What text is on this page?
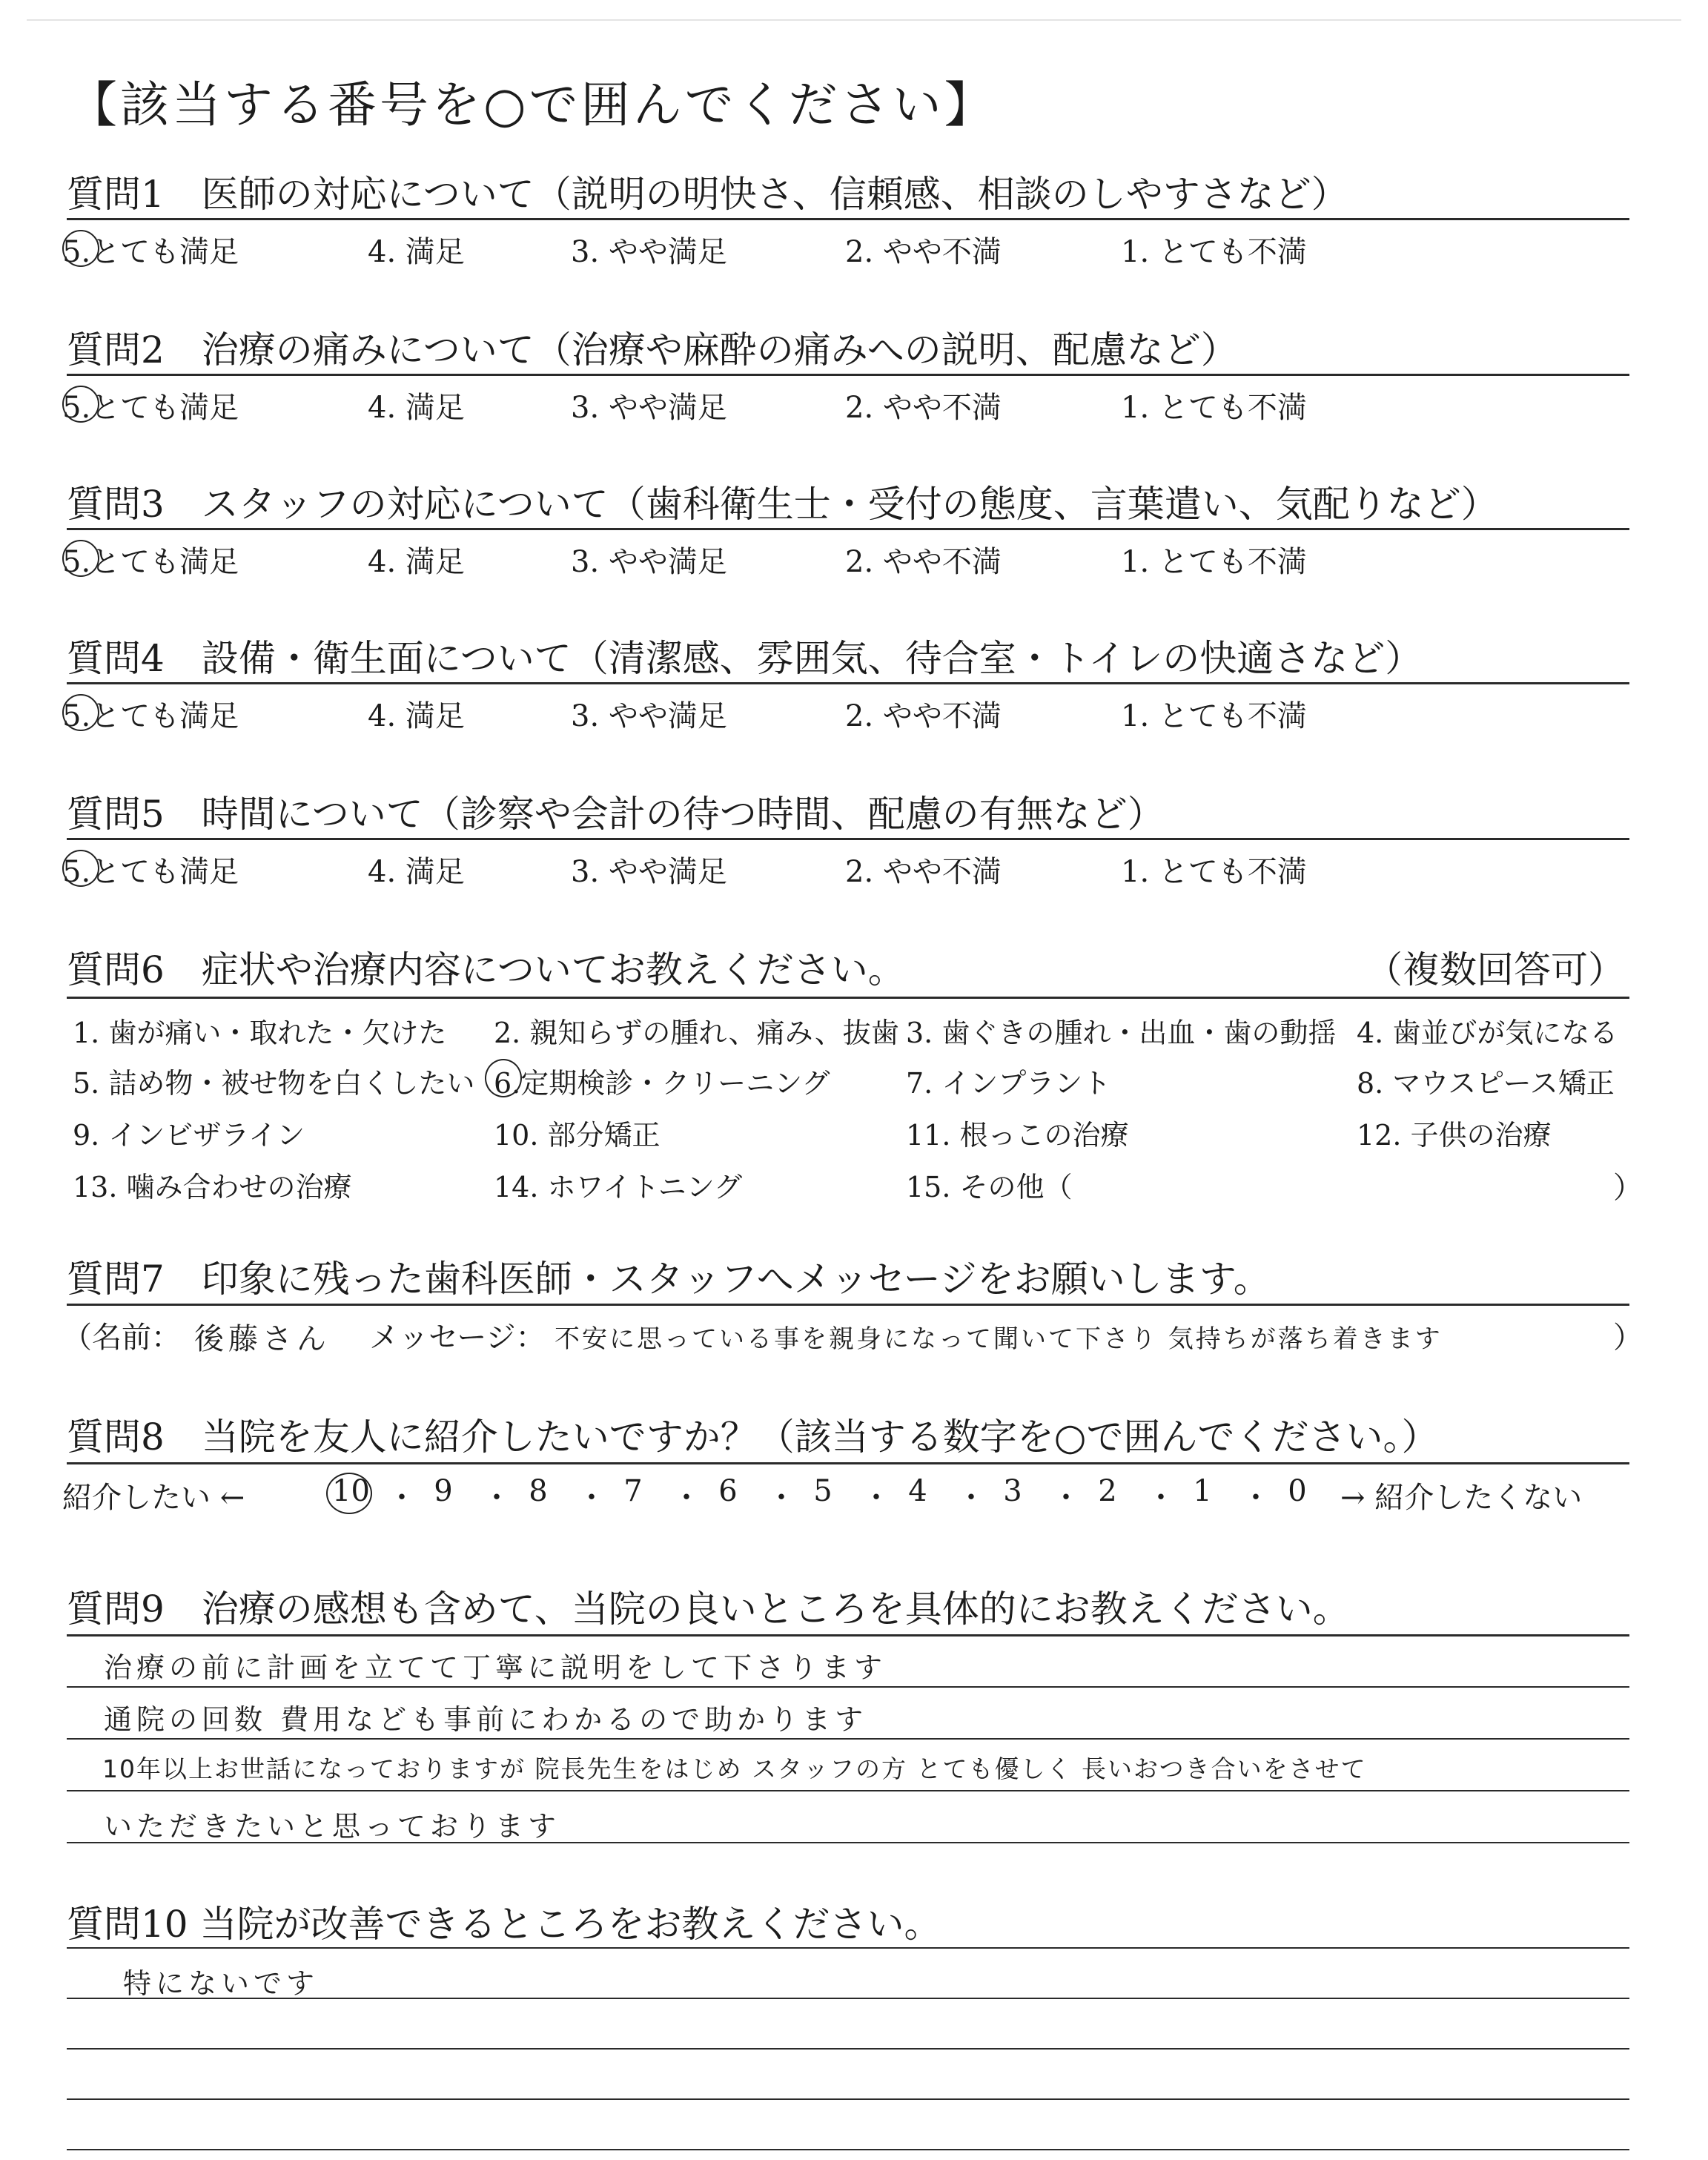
【該当する番号を○で囲んでください】
質問1　医師の対応について（説明の明快さ、信頼感、相談のしやすさなど）
5.とても満足	4. 満足	3. やや満足	2. やや不満	1. とても不満
質問2　治療の痛みについて（治療や麻酔の痛みへの説明、配慮など）
5.とても満足	4. 満足	3. やや満足	2. やや不満	1. とても不満
質問3　スタッフの対応について（歯科衛生士・受付の態度、言葉遣い、気配りなど）
5.とても満足	4. 満足	3. やや満足	2. やや不満	1. とても不満
質問4　設備・衛生面について（清潔感、雰囲気、待合室・トイレの快適さなど）
5.とても満足	4. 満足	3. やや満足	2. やや不満	1. とても不満
質問5　時間について（診察や会計の待つ時間、配慮の有無など）
5.とても満足	4. 満足	3. やや満足	2. やや不満	1. とても不満
質問6　症状や治療内容についてお教えください。	（複数回答可）
1. 歯が痛い・取れた・欠けた 2. 親知らずの腫れ、痛み、抜歯 3. 歯ぐきの腫れ・出血・歯の動揺 4. 歯並びが気になる
5. 詰め物・被せ物を白くしたい 6.定期検診・クリーニング	7. インプラント	8. マウスピース矯正
9. インビザライン	10. 部分矯正	11. 根っこの治療	12. 子供の治療
13. 噛み合わせの治療	14. ホワイトニング	15. その他（	）
質問7　印象に残った歯科医師・スタッフへメッセージをお願いします。
（名前： 後藤さん メッセージ： 不安に思っている事を親身になって聞いて下さり 気持ちが落ち着きます	）
質問8　当院を友人に紹介したいですか？（該当する数字を○で囲んでください。）
紹介したい ←	10 ・ 9 ・ 8 ・ 7 ・ 6 ・ 5 ・ 4 ・ 3 ・ 2 ・ 1 ・ 0 → 紹介したくない
質問9　治療の感想も含めて、当院の良いところを具体的にお教えください。
治療の前に計画を立てて丁寧に説明をして下さります
通院の回数 費用なども事前にわかるので助かります
10年以上お世話になっておりますが 院長先生をはじめ スタッフの方 とても優しく 長いおつき合いをさせて
いただきたいと思っております
質問10 当院が改善できるところをお教えください。
特にないです
